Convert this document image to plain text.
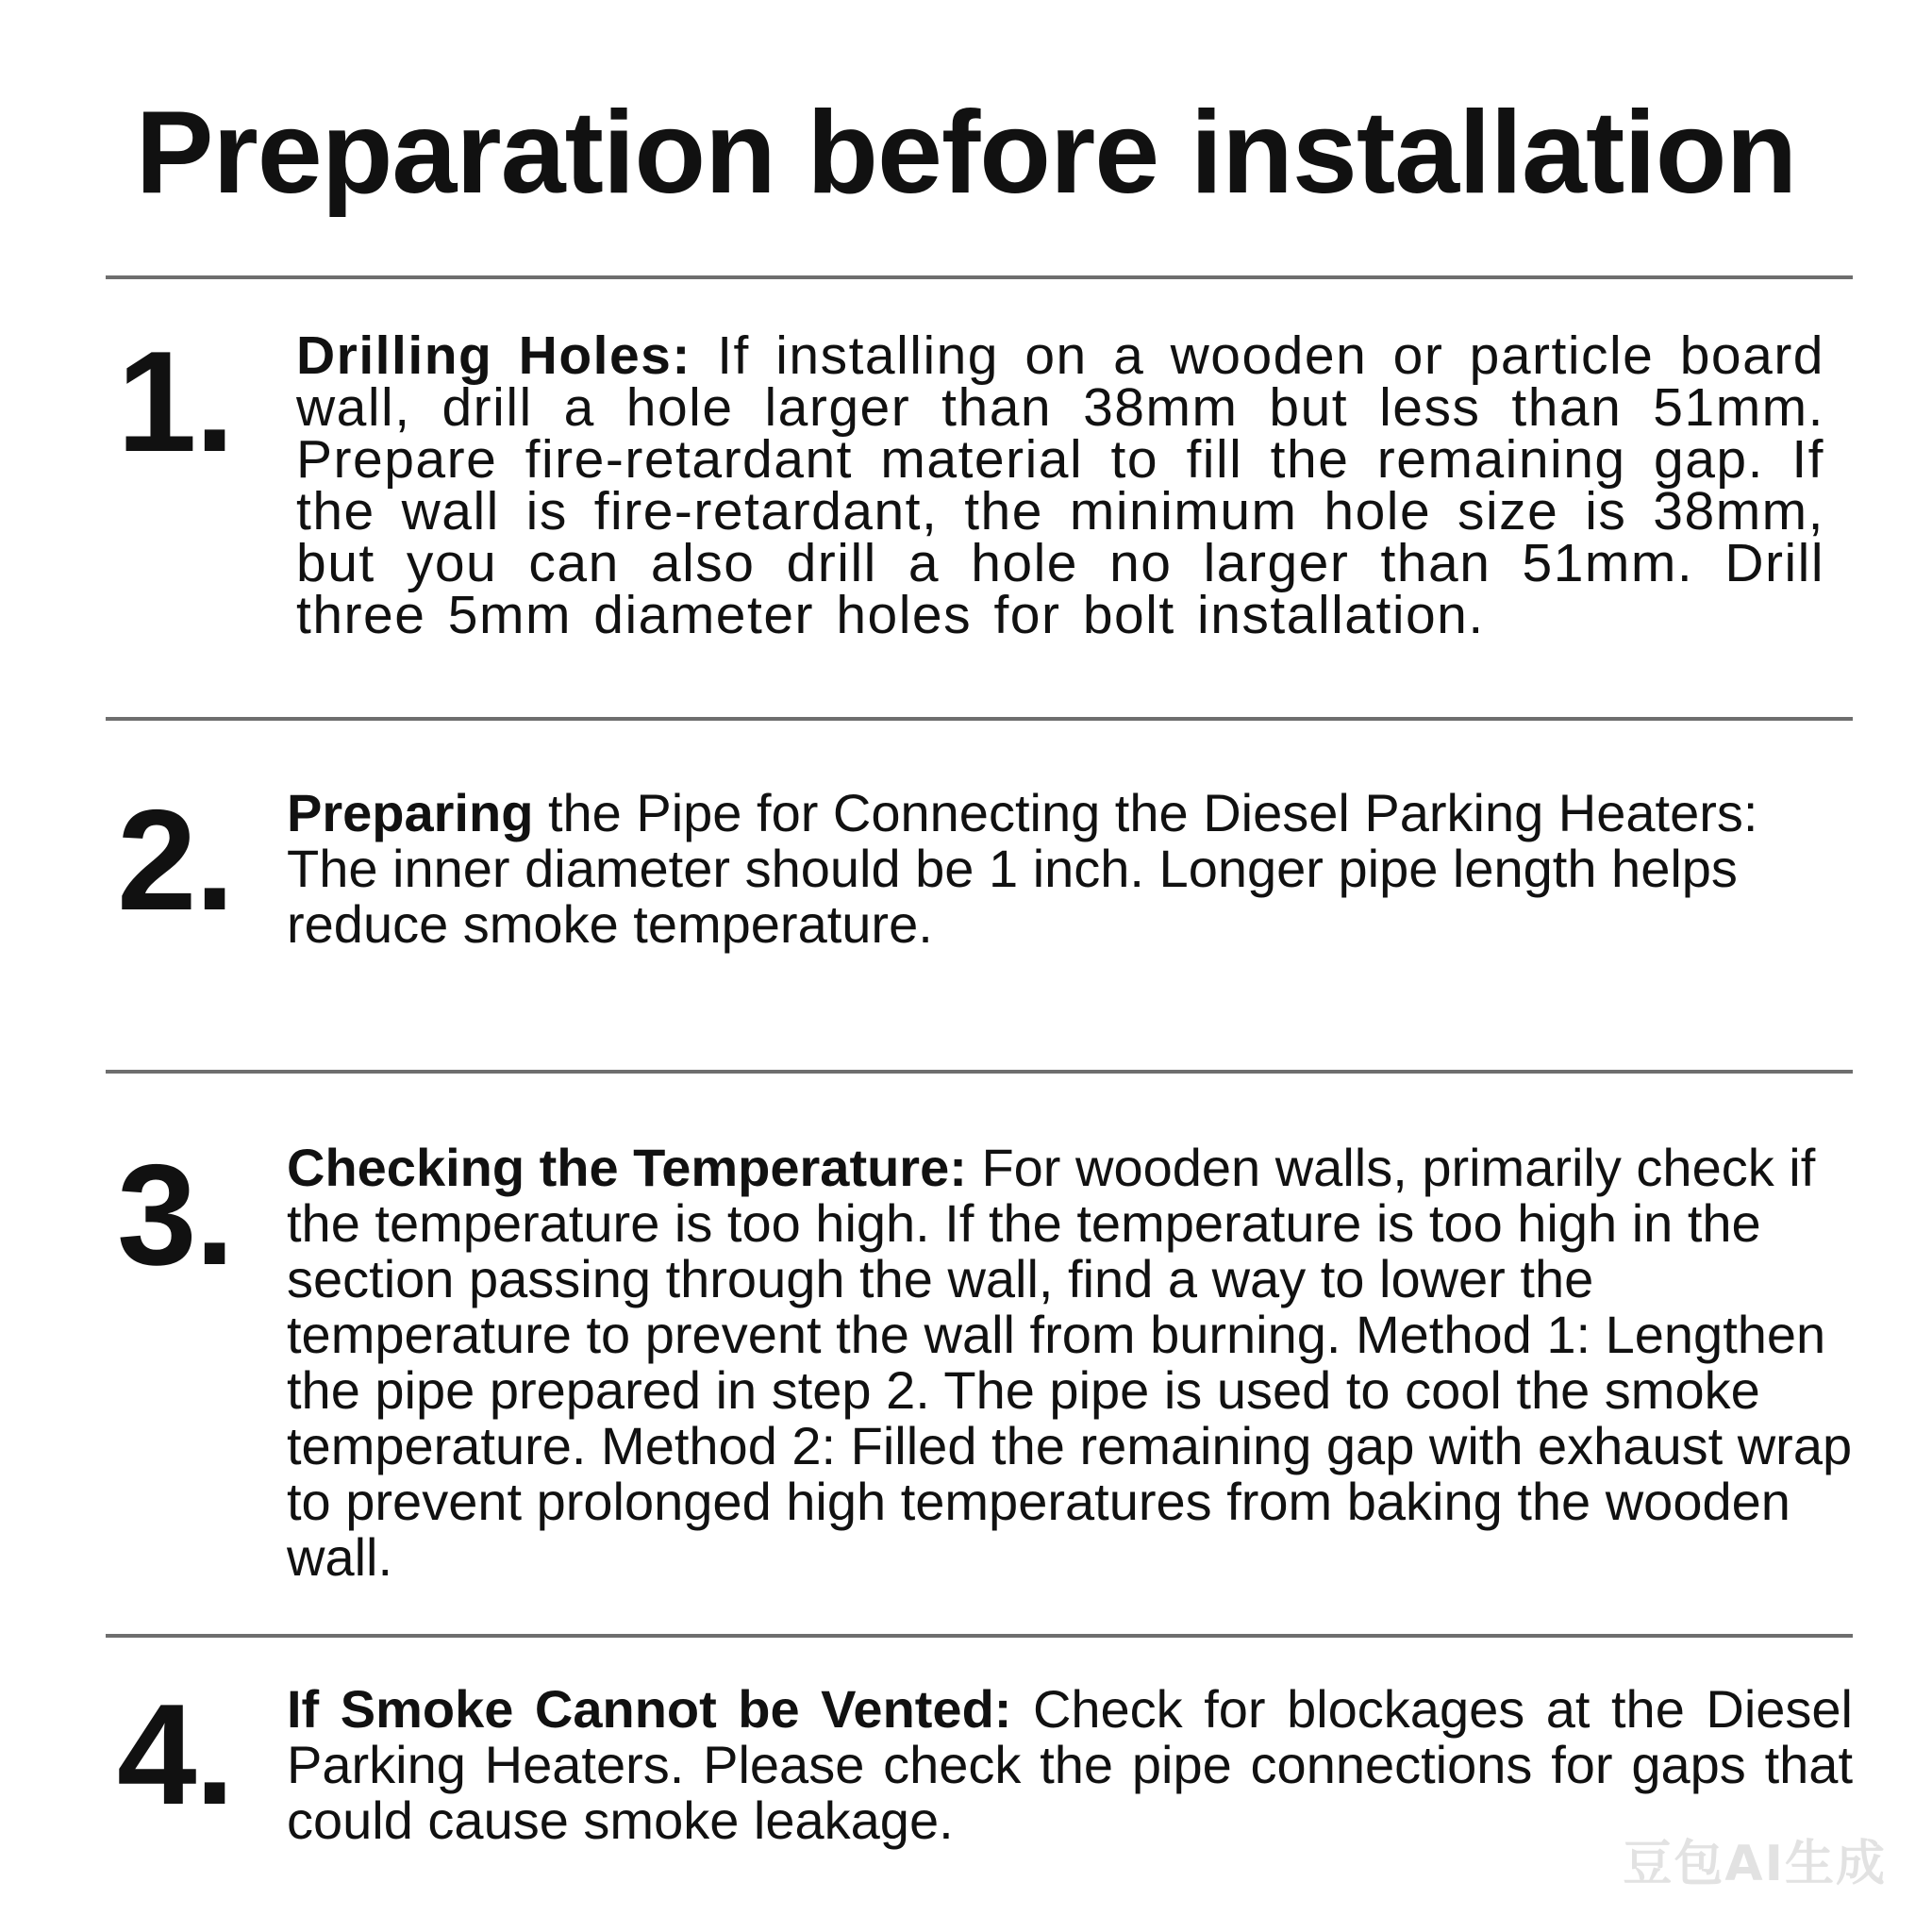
Preparation before installation
1. Drilling Holes: If installing on a wooden or particle board wall, drill a hole larger than 38mm but less than 51mm. Prepare fire-retardant material to fill the remaining gap. If the wall is fire-retardant, the minimum hole size is 38mm, but you can also drill a hole no larger than 51mm. Drill three 5mm diameter holes for bolt installation.

2. Preparing the Pipe for Connecting the Diesel Parking Heaters: The inner diameter should be 1 inch. Longer pipe length helps reduce smoke temperature.

3. Checking the Temperature: For wooden walls, primarily check if the temperature is too high. If the temperature is too high in the section passing through the wall, find a way to lower the temperature to prevent the wall from burning. Method 1: Lengthen the pipe prepared in step 2. The pipe is used to cool the smoke temperature. Method 2: Filled the remaining gap with exhaust wrap to prevent prolonged high temperatures from baking the wooden wall.

4. If Smoke Cannot be Vented: Check for blockages at the Diesel Parking Heaters. Please check the pipe connections for gaps that could cause smoke leakage.

豆包AI生成
